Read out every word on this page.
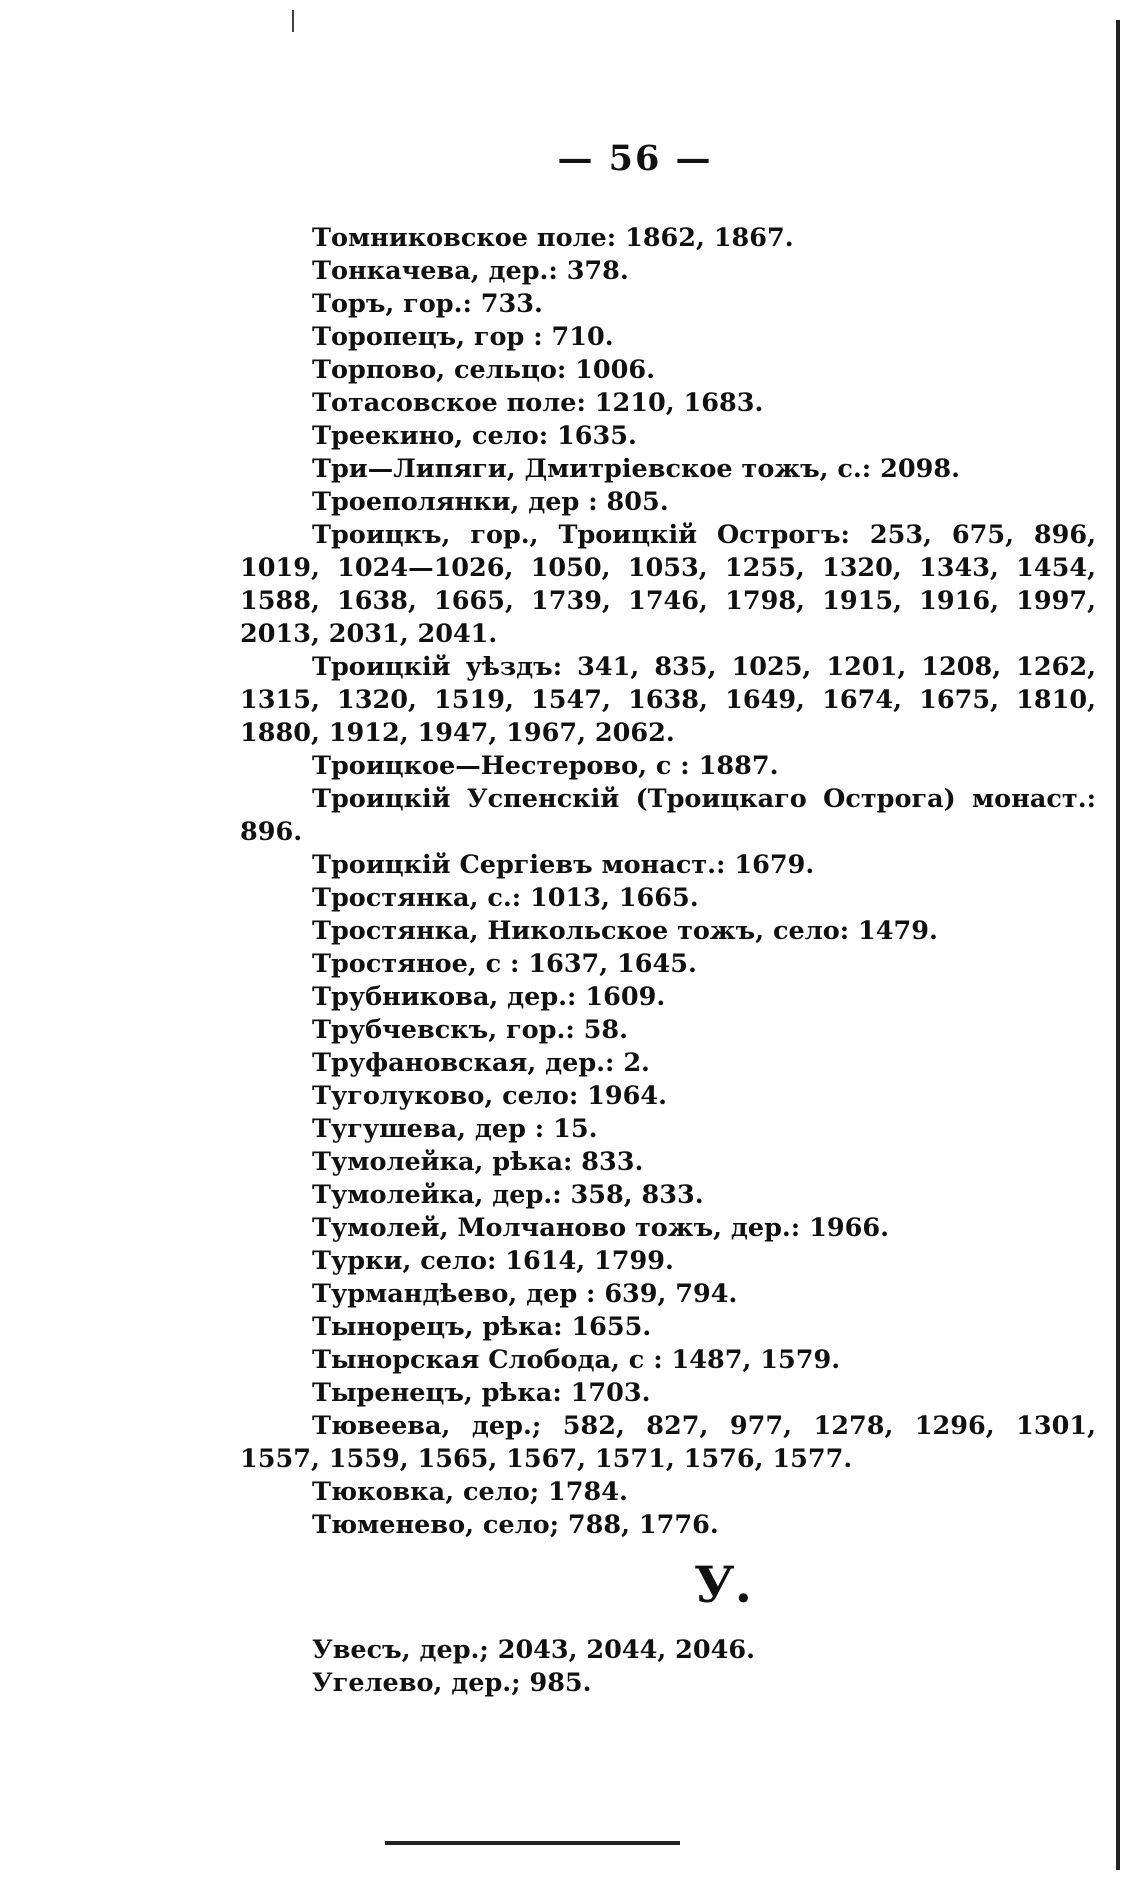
— 56 —

Томниковское поле: 1862, 1867.

Тонкачева, дер.: 378.

Торъ, гор.: 733.

Торопецъ, гор : 710.

Торпово, сельцо: 1006.

Тотасовское поле: 1210, 1683.

Треекино, село: 1635.

Три—Липяги, Дмитріевское тожъ, с.: 2098.

Троеполянки, дер : 805.

Троицкъ, гор., Троицкій Острогъ: 253, 675, 896, 1019, 1024—1026, 1050, 1053, 1255, 1320, 1343, 1454, 1588, 1638, 1665, 1739, 1746, 1798, 1915, 1916, 1997, 2013, 2031, 2041.

Троицкій уѣздъ: 341, 835, 1025, 1201, 1208, 1262, 1315, 1320, 1519, 1547, 1638, 1649, 1674, 1675, 1810, 1880, 1912, 1947, 1967, 2062.

Троицкое—Нестерово, с : 1887.

Троицкій Успенскій (Троицкаго Острога) монаст.: 896.

Троицкій Сергіевъ монаст.: 1679.

Тростянка, с.: 1013, 1665.

Тростянка, Никольское тожъ, село: 1479.

Тростяное, с : 1637, 1645.

Трубникова, дер.: 1609.

Трубчевскъ, гор.: 58.

Труфановская, дер.: 2.

Туголуково, село: 1964.

Тугушева, дер : 15.

Тумолейка, рѣка: 833.

Тумолейка, дер.: 358, 833.

Тумолей, Молчаново тожъ, дер.: 1966.

Турки, село: 1614, 1799.

Турмандѣево, дер : 639, 794.

Тынорецъ, рѣка: 1655.

Тынорская Слобода, с : 1487, 1579.

Тыренецъ, рѣка: 1703.

Тювеева, дер.; 582, 827, 977, 1278, 1296, 1301, 1557, 1559, 1565, 1567, 1571, 1576, 1577.

Тюковка, село; 1784.

Тюменево, село; 788, 1776.

У.

Увесъ, дер.; 2043, 2044, 2046.

Угелево, дер.; 985.
